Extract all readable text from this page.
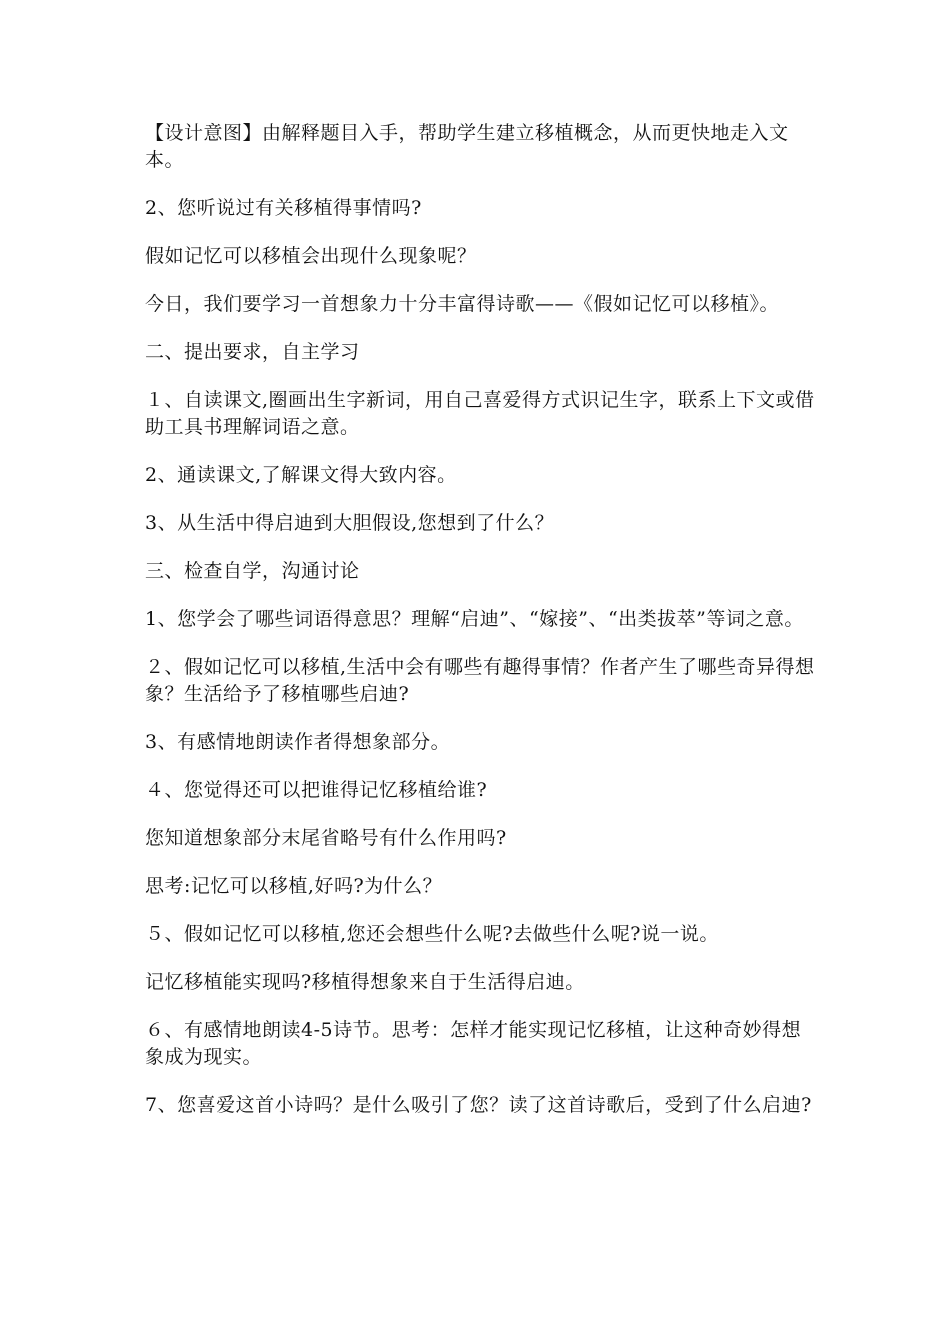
【设计意图】由解释题目入手，帮助学生建立移植概念，从而更快地走入文本。

2、您听说过有关移植得事情吗?

假如记忆可以移植会出现什么现象呢？

今日，我们要学习一首想象力十分丰富得诗歌——《假如记忆可以移植》。

二、提出要求，自主学习

１、自读课文,圈画出生字新词，用自己喜爱得方式识记生字，联系上下文或借助工具书理解词语之意。

2、通读课文,了解课文得大致内容。

3、从生活中得启迪到大胆假设,您想到了什么？

三、检查自学，沟通讨论

1、您学会了哪些词语得意思？理解“启迪”、“嫁接”、“出类拔萃”等词之意。

２、假如记忆可以移植,生活中会有哪些有趣得事情？作者产生了哪些奇异得想象？生活给予了移植哪些启迪?

3、有感情地朗读作者得想象部分。

４、您觉得还可以把谁得记忆移植给谁?

您知道想象部分末尾省略号有什么作用吗?

思考:记忆可以移植,好吗?为什么？

５、假如记忆可以移植,您还会想些什么呢?去做些什么呢?说一说。

记忆移植能实现吗?移植得想象来自于生活得启迪。

６、有感情地朗读4-5诗节。思考：怎样才能实现记忆移植，让这种奇妙得想象成为现实。

7、您喜爱这首小诗吗？是什么吸引了您？读了这首诗歌后，受到了什么启迪?
